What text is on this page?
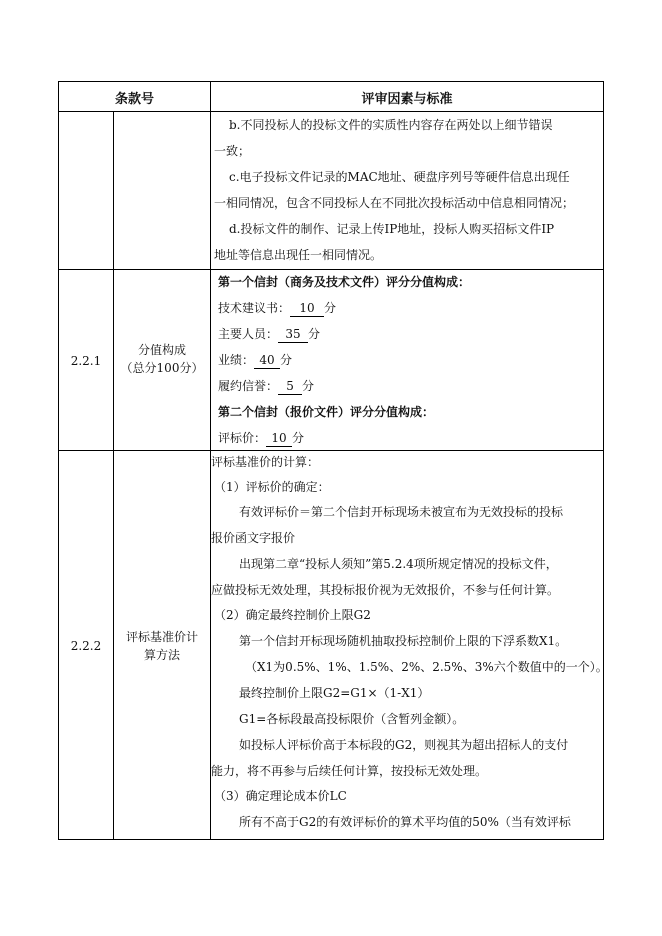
条款号	评审因素与标准
b.不同投标人的投标文件的实质性内容存在两处以上细节错误
一致；
c.电子投标文件记录的MAC地址、硬盘序列号等硬件信息出现任
一相同情况，包含不同投标人在不同批次投标活动中信息相同情况；
d.投标文件的制作、记录上传IP地址，投标人购买招标文件IP
地址等信息出现任一相同情况。
2.2.1
分值构成
（总分100分）
第一个信封（商务及技术文件）评分分值构成：
技术建议书： 10 分
主要人员： 35 分
业绩： 40 分
履约信誉： 5 分
第二个信封（报价文件）评分分值构成：
评标价： 10 分
2.2.2
评标基准价计
算方法
评标基准价的计算：
（1）评标价的确定：
有效评标价＝第二个信封开标现场未被宣布为无效投标的投标
报价函文字报价
出现第二章“投标人须知”第5.2.4项所规定情况的投标文件，
应做投标无效处理，其投标报价视为无效报价，不参与任何计算。
（2）确定最终控制价上限G2
第一个信封开标现场随机抽取投标控制价上限的下浮系数X1。
（X1为0.5%、1%、1.5%、2%、2.5%、3%六个数值中的一个）。
最终控制价上限G2=G1×（1-X1）
G1=各标段最高投标限价（含暂列金额）。
如投标人评标价高于本标段的G2，则视其为超出招标人的支付
能力，将不再参与后续任何计算，按投标无效处理。
（3）确定理论成本价LC
所有不高于G2的有效评标价的算术平均值的50%（当有效评标
